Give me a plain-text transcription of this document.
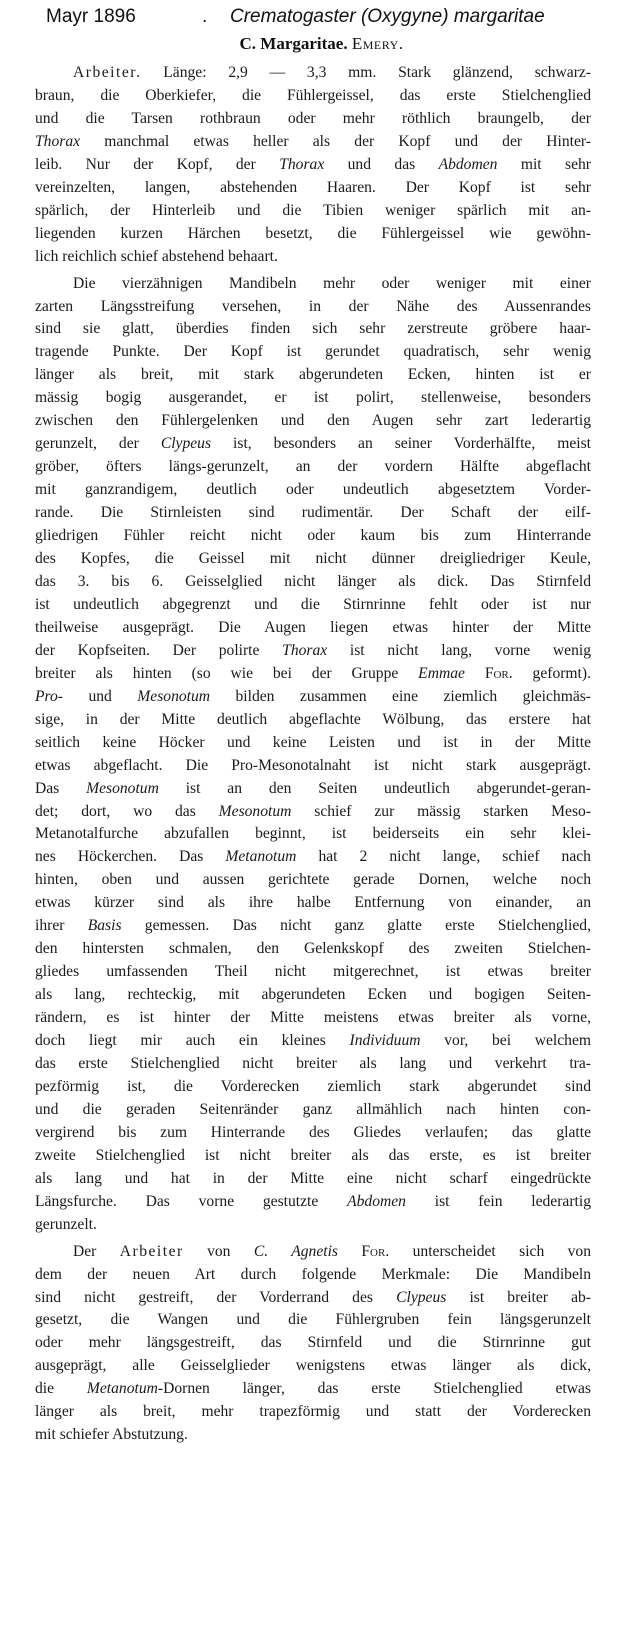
Mayr 1896	. Crematogaster (Oxygyne) margaritae
C. Margaritae. Emery.
Arbeiter. Länge: 2,9 — 3,3 mm. Stark glänzend, schwarz-
braun, die Oberkiefer, die Fühlergeissel, das erste Stielchenglied
und die Tarsen rothbraun oder mehr röthlich braungelb, der
Thorax manchmal etwas heller als der Kopf und der Hinter-
leib. Nur der Kopf, der Thorax und das Abdomen mit sehr
vereinzelten, langen, abstehenden Haaren. Der Kopf ist sehr
spärlich, der Hinterleib und die Tibien weniger spärlich mit an-
liegenden kurzen Härchen besetzt, die Fühlergeissel wie gewöhn-
lich reichlich schief abstehend behaart.
Die vierzähnigen Mandibeln mehr oder weniger mit einer
zarten Längsstreifung versehen, in der Nähe des Aussenrandes
sind sie glatt, überdies finden sich sehr zerstreute gröbere haar-
tragende Punkte. Der Kopf ist gerundet quadratisch, sehr wenig
länger als breit, mit stark abgerundeten Ecken, hinten ist er
mässig bogig ausgerandet, er ist polirt, stellenweise, besonders
zwischen den Fühlergelenken und den Augen sehr zart lederartig
gerunzelt, der Clypeus ist, besonders an seiner Vorderhälfte, meist
gröber, öfters längs-gerunzelt, an der vordern Hälfte abgeflacht
mit ganzrandigem, deutlich oder undeutlich abgesetztem Vorder-
rande. Die Stirnleisten sind rudimentär. Der Schaft der eilf-
gliedrigen Fühler reicht nicht oder kaum bis zum Hinterrande
des Kopfes, die Geissel mit nicht dünner dreigliedriger Keule,
das 3. bis 6. Geisselglied nicht länger als dick. Das Stirnfeld
ist undeutlich abgegrenzt und die Stirnrinne fehlt oder ist nur
theilweise ausgeprägt. Die Augen liegen etwas hinter der Mitte
der Kopfseiten. Der polirte Thorax ist nicht lang, vorne wenig
breiter als hinten (so wie bei der Gruppe Emmae For. geformt).
Pro- und Mesonotum bilden zusammen eine ziemlich gleichmäs-
sige, in der Mitte deutlich abgeflachte Wölbung, das erstere hat
seitlich keine Höcker und keine Leisten und ist in der Mitte
etwas abgeflacht. Die Pro-Mesonotalnaht ist nicht stark ausgeprägt.
Das Mesonotum ist an den Seiten undeutlich abgerundet-geran-
det; dort, wo das Mesonotum schief zur mässig starken Meso-
Metanotalfurche abzufallen beginnt, ist beiderseits ein sehr klei-
nes Höckerchen. Das Metanotum hat 2 nicht lange, schief nach
hinten, oben und aussen gerichtete gerade Dornen, welche noch
etwas kürzer sind als ihre halbe Entfernung von einander, an
ihrer Basis gemessen. Das nicht ganz glatte erste Stielchenglied,
den hintersten schmalen, den Gelenkskopf des zweiten Stielchen-
gliedes umfassenden Theil nicht mitgerechnet, ist etwas breiter
als lang, rechteckig, mit abgerundeten Ecken und bogigen Seiten-
rändern, es ist hinter der Mitte meistens etwas breiter als vorne,
doch liegt mir auch ein kleines Individuum vor, bei welchem
das erste Stielchenglied nicht breiter als lang und verkehrt tra-
pezförmig ist, die Vorderecken ziemlich stark abgerundet sind
und die geraden Seitenränder ganz allmählich nach hinten con-
vergirend bis zum Hinterrande des Gliedes verlaufen; das glatte
zweite Stielchenglied ist nicht breiter als das erste, es ist breiter
als lang und hat in der Mitte eine nicht scharf eingedrückte
Längsfurche. Das vorne gestutzte Abdomen ist fein lederartig
gerunzelt.
Der Arbeiter von C. Agnetis For. unterscheidet sich von
dem der neuen Art durch folgende Merkmale: Die Mandibeln
sind nicht gestreift, der Vorderrand des Clypeus ist breiter ab-
gesetzt, die Wangen und die Fühlergruben fein längsgerunzelt
oder mehr längsgestreift, das Stirnfeld und die Stirnrinne gut
ausgeprägt, alle Geisselglieder wenigstens etwas länger als dick,
die Metanotum-Dornen länger, das erste Stielchenglied etwas
länger als breit, mehr trapezförmig und statt der Vorderecken
mit schiefer Abstutzung.
